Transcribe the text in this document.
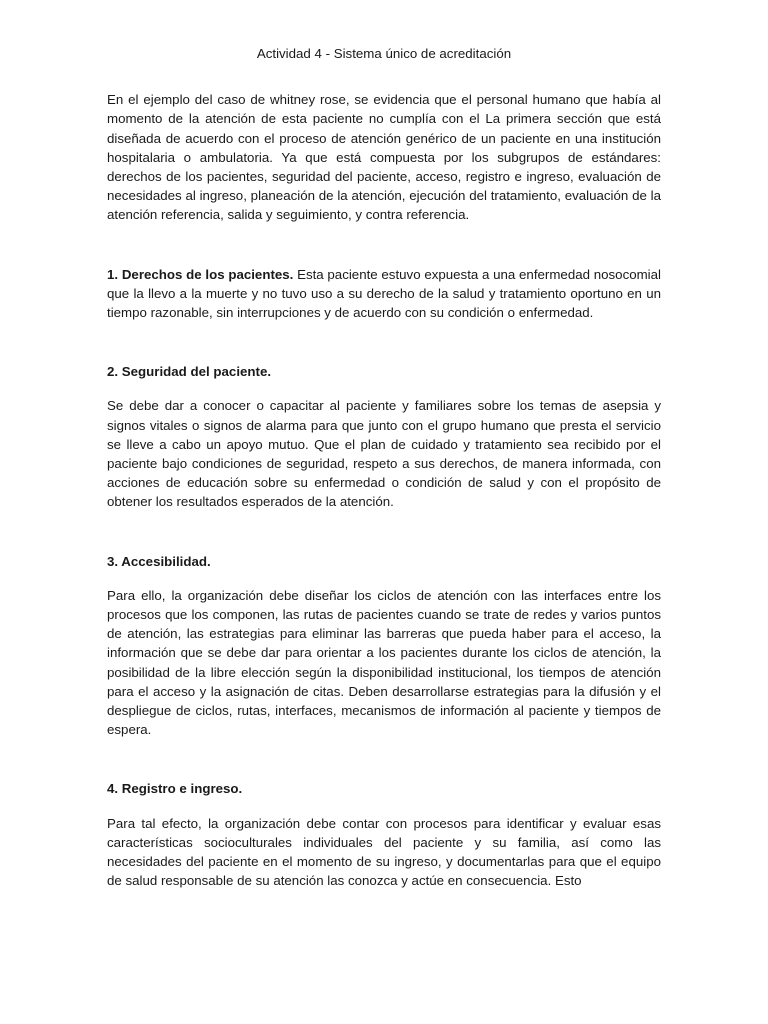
Actividad 4 - Sistema único de acreditación

En el ejemplo del caso de whitney rose, se evidencia que el personal humano que había al momento de la atención de esta paciente no cumplía con el La primera sección que está diseñada de acuerdo con el proceso de atención genérico de un paciente en una institución hospitalaria o ambulatoria. Ya que está compuesta por los subgrupos de estándares: derechos de los pacientes, seguridad del paciente, acceso, registro e ingreso, evaluación de necesidades al ingreso, planeación de la atención, ejecución del tratamiento, evaluación de la atención referencia, salida y seguimiento, y contra referencia.

1. Derechos de los pacientes. Esta paciente estuvo expuesta a una enfermedad nosocomial que la llevo a la muerte y no tuvo uso a su derecho de la salud y tratamiento oportuno en un tiempo razonable, sin interrupciones y de acuerdo con su condición o enfermedad.

2. Seguridad del paciente.

Se debe dar a conocer o capacitar al paciente y familiares sobre los temas de asepsia y signos vitales o signos de alarma para que junto con el grupo humano que presta el servicio se lleve a cabo un apoyo mutuo. Que el plan de cuidado y tratamiento sea recibido por el paciente bajo condiciones de seguridad, respeto a sus derechos, de manera informada, con acciones de educación sobre su enfermedad o condición de salud y con el propósito de obtener los resultados esperados de la atención.

3. Accesibilidad.

Para ello, la organización debe diseñar los ciclos de atención con las interfaces entre los procesos que los componen, las rutas de pacientes cuando se trate de redes y varios puntos de atención, las estrategias para eliminar las barreras que pueda haber para el acceso, la información que se debe dar para orientar a los pacientes durante los ciclos de atención, la posibilidad de la libre elección según la disponibilidad institucional, los tiempos de atención para el acceso y la asignación de citas. Deben desarrollarse estrategias para la difusión y el despliegue de ciclos, rutas, interfaces, mecanismos de información al paciente y tiempos de espera.

4. Registro e ingreso.

Para tal efecto, la organización debe contar con procesos para identificar y evaluar esas características socioculturales individuales del paciente y su familia, así como las necesidades del paciente en el momento de su ingreso, y documentarlas para que el equipo de salud responsable de su atención las conozca y actúe en consecuencia. Esto
